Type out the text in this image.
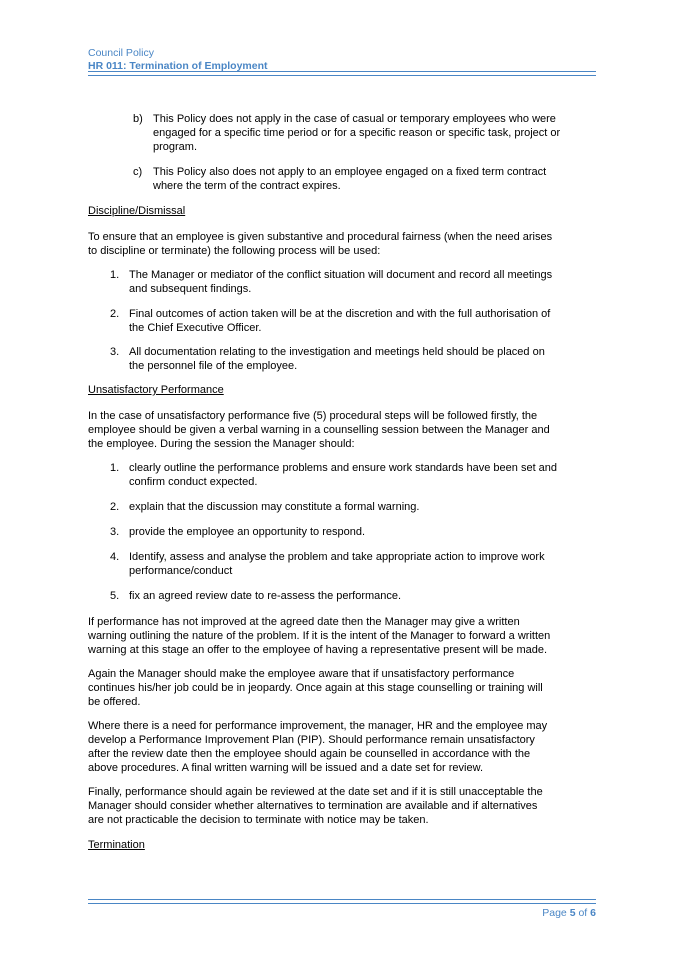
Council Policy
HR 011: Termination of Employment
b) This Policy does not apply in the case of casual or temporary employees who were
engaged for a specific time period or for a specific reason or specific task, project or
program.
c) This Policy also does not apply to an employee engaged on a fixed term contract
where the term of the contract expires.
Discipline/Dismissal
To ensure that an employee is given substantive and procedural fairness (when the need arises
to discipline or terminate) the following process will be used:
1. The Manager or mediator of the conflict situation will document and record all meetings
and subsequent findings.
2. Final outcomes of action taken will be at the discretion and with the full authorisation of
the Chief Executive Officer.
3. All documentation relating to the investigation and meetings held should be placed on
the personnel file of the employee.
Unsatisfactory Performance
In the case of unsatisfactory performance five (5) procedural steps will be followed firstly, the
employee should be given a verbal warning in a counselling session between the Manager and
the employee. During the session the Manager should:
1. clearly outline the performance problems and ensure work standards have been set and
confirm conduct expected.
2. explain that the discussion may constitute a formal warning.
3. provide the employee an opportunity to respond.
4. Identify, assess and analyse the problem and take appropriate action to improve work
performance/conduct
5. fix an agreed review date to re-assess the performance.
If performance has not improved at the agreed date then the Manager may give a written
warning outlining the nature of the problem. If it is the intent of the Manager to forward a written
warning at this stage an offer to the employee of having a representative present will be made.
Again the Manager should make the employee aware that if unsatisfactory performance
continues his/her job could be in jeopardy. Once again at this stage counselling or training will
be offered.
Where there is a need for performance improvement, the manager, HR and the employee may
develop a Performance Improvement Plan (PIP). Should performance remain unsatisfactory
after the review date then the employee should again be counselled in accordance with the
above procedures. A final written warning will be issued and a date set for review.
Finally, performance should again be reviewed at the date set and if it is still unacceptable the
Manager should consider whether alternatives to termination are available and if alternatives
are not practicable the decision to terminate with notice may be taken.
Termination
Page 5 of 6
